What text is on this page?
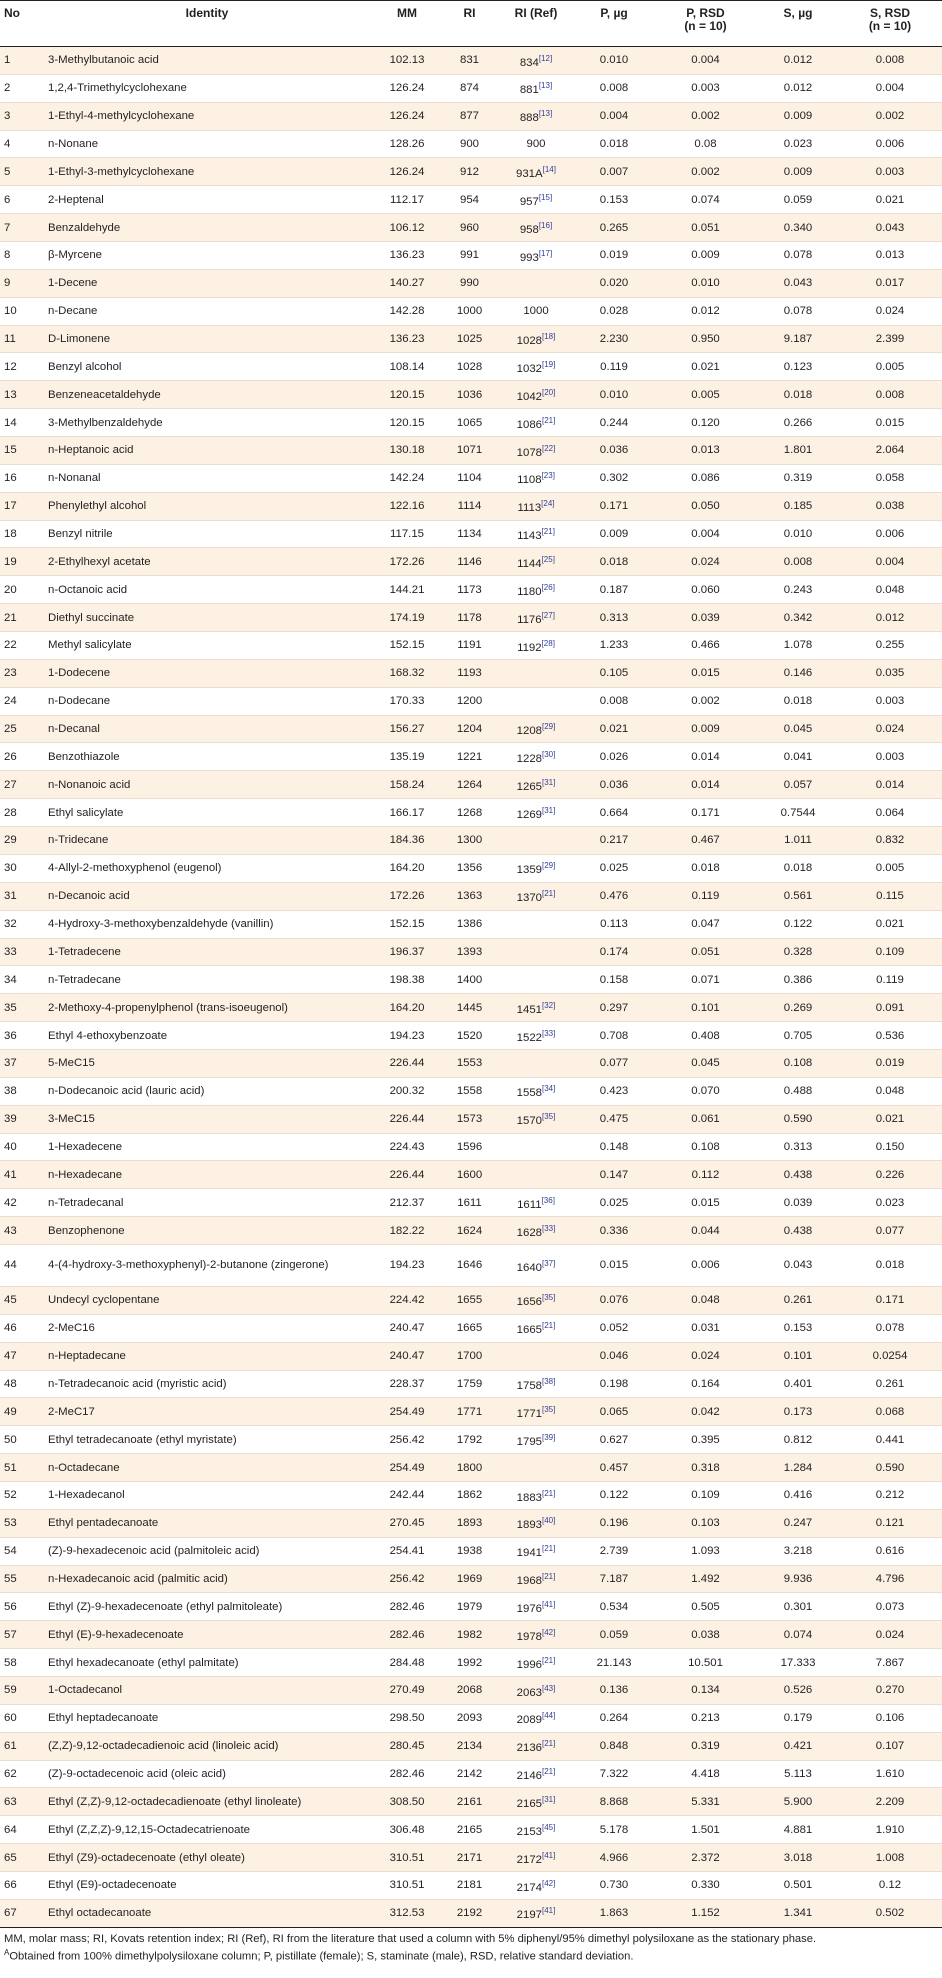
No	Identity	MM	RI	RI (Ref)	P, µg	P, RSD
(n = 10)	S, µg	S, RSD
(n = 10)
1	3-Methylbutanoic acid	102.13	831	834[12]	0.010	0.004	0.012	0.008
2	1,2,4-Trimethylcyclohexane	126.24	874	881[13]	0.008	0.003	0.012	0.004
3	1-Ethyl-4-methylcyclohexane	126.24	877	888[13]	0.004	0.002	0.009	0.002
4	n-Nonane	128.26	900	900	0.018	0.08	0.023	0.006
5	1-Ethyl-3-methylcyclohexane	126.24	912	931A[14]	0.007	0.002	0.009	0.003
6	2-Heptenal	112.17	954	957[15]	0.153	0.074	0.059	0.021
7	Benzaldehyde	106.12	960	958[16]	0.265	0.051	0.340	0.043
8	β-Myrcene	136.23	991	993[17]	0.019	0.009	0.078	0.013
9	1-Decene	140.27	990		0.020	0.010	0.043	0.017
10	n-Decane	142.28	1000	1000	0.028	0.012	0.078	0.024
11	D-Limonene	136.23	1025	1028[18]	2.230	0.950	9.187	2.399
12	Benzyl alcohol	108.14	1028	1032[19]	0.119	0.021	0.123	0.005
13	Benzeneacetaldehyde	120.15	1036	1042[20]	0.010	0.005	0.018	0.008
14	3-Methylbenzaldehyde	120.15	1065	1086[21]	0.244	0.120	0.266	0.015
15	n-Heptanoic acid	130.18	1071	1078[22]	0.036	0.013	1.801	2.064
16	n-Nonanal	142.24	1104	1108[23]	0.302	0.086	0.319	0.058
17	Phenylethyl alcohol	122.16	1114	1113[24]	0.171	0.050	0.185	0.038
18	Benzyl nitrile	117.15	1134	1143[21]	0.009	0.004	0.010	0.006
19	2-Ethylhexyl acetate	172.26	1146	1144[25]	0.018	0.024	0.008	0.004
20	n-Octanoic acid	144.21	1173	1180[26]	0.187	0.060	0.243	0.048
21	Diethyl succinate	174.19	1178	1176[27]	0.313	0.039	0.342	0.012
22	Methyl salicylate	152.15	1191	1192[28]	1.233	0.466	1.078	0.255
23	1-Dodecene	168.32	1193		0.105	0.015	0.146	0.035
24	n-Dodecane	170.33	1200		0.008	0.002	0.018	0.003
25	n-Decanal	156.27	1204	1208[29]	0.021	0.009	0.045	0.024
26	Benzothiazole	135.19	1221	1228[30]	0.026	0.014	0.041	0.003
27	n-Nonanoic acid	158.24	1264	1265[31]	0.036	0.014	0.057	0.014
28	Ethyl salicylate	166.17	1268	1269[31]	0.664	0.171	0.7544	0.064
29	n-Tridecane	184.36	1300		0.217	0.467	1.011	0.832
30	4-Allyl-2-methoxyphenol (eugenol)	164.20	1356	1359[29]	0.025	0.018	0.018	0.005
31	n-Decanoic acid	172.26	1363	1370[21]	0.476	0.119	0.561	0.115
32	4-Hydroxy-3-methoxybenzaldehyde (vanillin)	152.15	1386		0.113	0.047	0.122	0.021
33	1-Tetradecene	196.37	1393		0.174	0.051	0.328	0.109
34	n-Tetradecane	198.38	1400		0.158	0.071	0.386	0.119
35	2-Methoxy-4-propenylphenol (trans-isoeugenol)	164.20	1445	1451[32]	0.297	0.101	0.269	0.091
36	Ethyl 4-ethoxybenzoate	194.23	1520	1522[33]	0.708	0.408	0.705	0.536
37	5-MeC15	226.44	1553		0.077	0.045	0.108	0.019
38	n-Dodecanoic acid (lauric acid)	200.32	1558	1558[34]	0.423	0.070	0.488	0.048
39	3-MeC15	226.44	1573	1570[35]	0.475	0.061	0.590	0.021
40	1-Hexadecene	224.43	1596		0.148	0.108	0.313	0.150
41	n-Hexadecane	226.44	1600		0.147	0.112	0.438	0.226
42	n-Tetradecanal	212.37	1611	1611[36]	0.025	0.015	0.039	0.023
43	Benzophenone	182.22	1624	1628[33]	0.336	0.044	0.438	0.077
44	4-(4-hydroxy-3-methoxyphenyl)-2-butanone (zingerone)	194.23	1646	1640[37]	0.015	0.006	0.043	0.018
45	Undecyl cyclopentane	224.42	1655	1656[35]	0.076	0.048	0.261	0.171
46	2-MeC16	240.47	1665	1665[21]	0.052	0.031	0.153	0.078
47	n-Heptadecane	240.47	1700		0.046	0.024	0.101	0.0254
48	n-Tetradecanoic acid (myristic acid)	228.37	1759	1758[38]	0.198	0.164	0.401	0.261
49	2-MeC17	254.49	1771	1771[35]	0.065	0.042	0.173	0.068
50	Ethyl tetradecanoate (ethyl myristate)	256.42	1792	1795[39]	0.627	0.395	0.812	0.441
51	n-Octadecane	254.49	1800		0.457	0.318	1.284	0.590
52	1-Hexadecanol	242.44	1862	1883[21]	0.122	0.109	0.416	0.212
53	Ethyl pentadecanoate	270.45	1893	1893[40]	0.196	0.103	0.247	0.121
54	(Z)-9-hexadecenoic acid (palmitoleic acid)	254.41	1938	1941[21]	2.739	1.093	3.218	0.616
55	n-Hexadecanoic acid (palmitic acid)	256.42	1969	1968[21]	7.187	1.492	9.936	4.796
56	Ethyl (Z)-9-hexadecenoate (ethyl palmitoleate)	282.46	1979	1976[41]	0.534	0.505	0.301	0.073
57	Ethyl (E)-9-hexadecenoate	282.46	1982	1978[42]	0.059	0.038	0.074	0.024
58	Ethyl hexadecanoate (ethyl palmitate)	284.48	1992	1996[21]	21.143	10.501	17.333	7.867
59	1-Octadecanol	270.49	2068	2063[43]	0.136	0.134	0.526	0.270
60	Ethyl heptadecanoate	298.50	2093	2089[44]	0.264	0.213	0.179	0.106
61	(Z,Z)-9,12-octadecadienoic acid (linoleic acid)	280.45	2134	2136[21]	0.848	0.319	0.421	0.107
62	(Z)-9-octadecenoic acid (oleic acid)	282.46	2142	2146[21]	7.322	4.418	5.113	1.610
63	Ethyl (Z,Z)-9,12-octadecadienoate (ethyl linoleate)	308.50	2161	2165[31]	8.868	5.331	5.900	2.209
64	Ethyl (Z,Z,Z)-9,12,15-Octadecatrienoate	306.48	2165	2153[45]	5.178	1.501	4.881	1.910
65	Ethyl (Z9)-octadecenoate (ethyl oleate)	310.51	2171	2172[41]	4.966	2.372	3.018	1.008
66	Ethyl (E9)-octadecenoate	310.51	2181	2174[42]	0.730	0.330	0.501	0.12
67	Ethyl octadecanoate	312.53	2192	2197[41]	1.863	1.152	1.341	0.502
MM, molar mass; RI, Kovats retention index; RI (Ref), RI from the literature that used a column with 5% diphenyl/95% dimethyl polysiloxane as the stationary phase.
$^A$Obtained from 100% dimethylpolysiloxane column; P, pistillate (female); S, staminate (male), RSD, relative standard deviation.
